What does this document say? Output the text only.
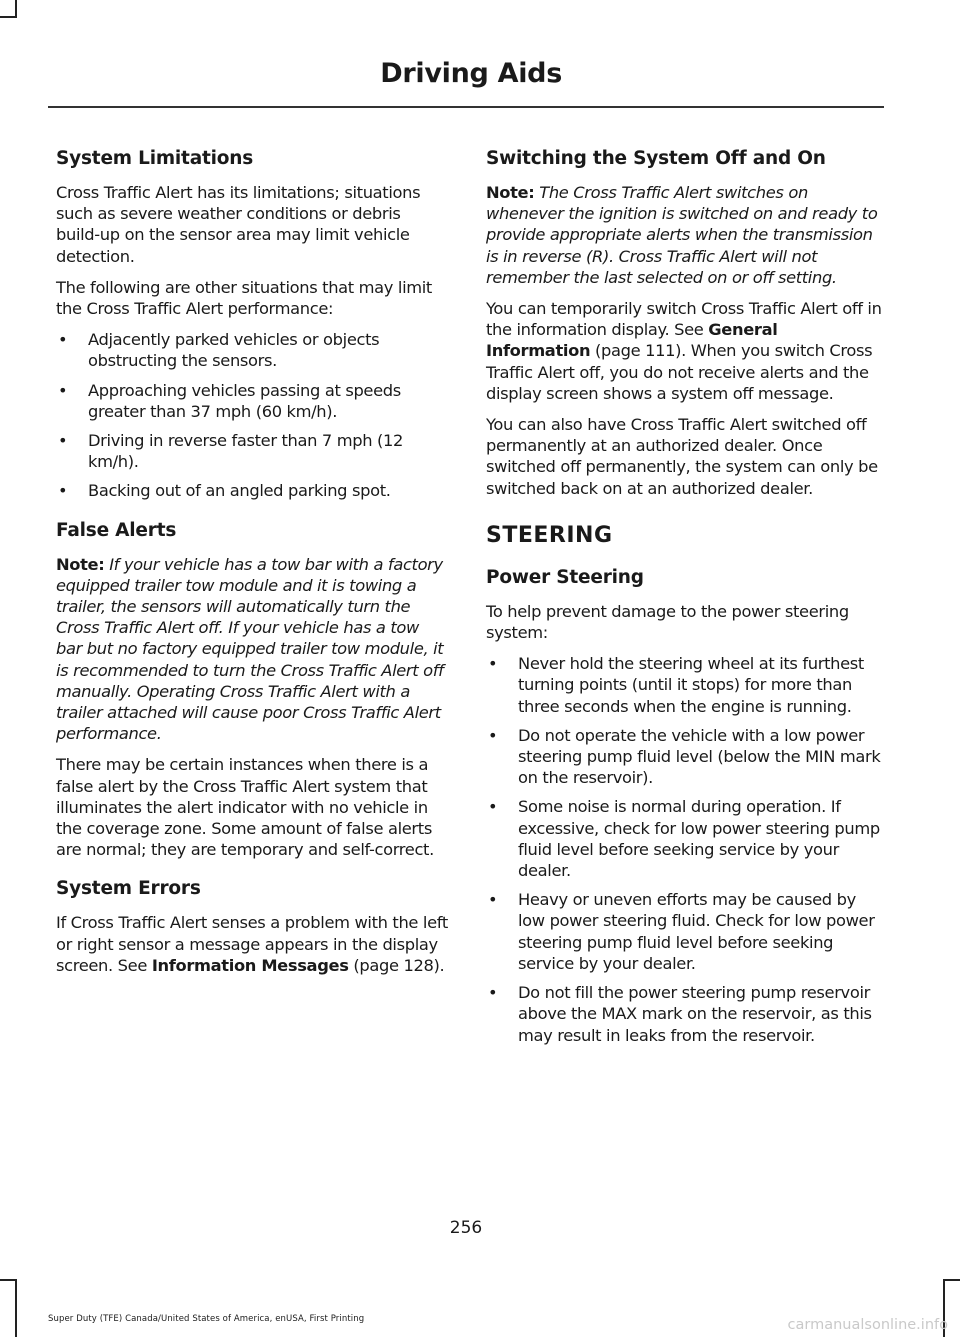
Driving Aids
System Limitations

Cross Traffic Alert has its limitations; situations such as severe weather conditions or debris build-up on the sensor area may limit vehicle detection.

The following are other situations that may limit the Cross Traffic Alert performance:

• Adjacently parked vehicles or objects obstructing the sensors.
• Approaching vehicles passing at speeds greater than 37 mph (60 km/h).
• Driving in reverse faster than 7 mph (12 km/h).
• Backing out of an angled parking spot.
False Alerts

Note: If your vehicle has a tow bar with a factory equipped trailer tow module and it is towing a trailer, the sensors will automatically turn the Cross Traffic Alert off. If your vehicle has a tow bar but no factory equipped trailer tow module, it is recommended to turn the Cross Traffic Alert off manually. Operating Cross Traffic Alert with a trailer attached will cause poor Cross Traffic Alert performance.

There may be certain instances when there is a false alert by the Cross Traffic Alert system that illuminates the alert indicator with no vehicle in the coverage zone. Some amount of false alerts are normal; they are temporary and self-correct.

System Errors

If Cross Traffic Alert senses a problem with the left or right sensor a message appears in the display screen. See Information Messages (page 128).

Switching the System Off and On

Note: The Cross Traffic Alert switches on whenever the ignition is switched on and ready to provide appropriate alerts when the transmission is in reverse (R). Cross Traffic Alert will not remember the last selected on or off setting.

You can temporarily switch Cross Traffic Alert off in the information display. See General Information (page 111). When you switch Cross Traffic Alert off, you do not receive alerts and the display screen shows a system off message.

You can also have Cross Traffic Alert switched off permanently at an authorized dealer. Once switched off permanently, the system can only be switched back on at an authorized dealer.

STEERING
Power Steering

To help prevent damage to the power steering system:

• Never hold the steering wheel at its furthest turning points (until it stops) for more than three seconds when the engine is running.
• Do not operate the vehicle with a low power steering pump fluid level (below the MIN mark on the reservoir).
• Some noise is normal during operation. If excessive, check for low power steering pump fluid level before seeking service by your dealer.
• Heavy or uneven efforts may be caused by low power steering fluid. Check for low power steering pump fluid level before seeking service by your dealer.
• Do not fill the power steering pump reservoir above the MAX mark on the reservoir, as this may result in leaks from the reservoir.
256
Super Duty (TFE) Canada/United States of America, enUSA, First Printing	carmanualsonline.info
